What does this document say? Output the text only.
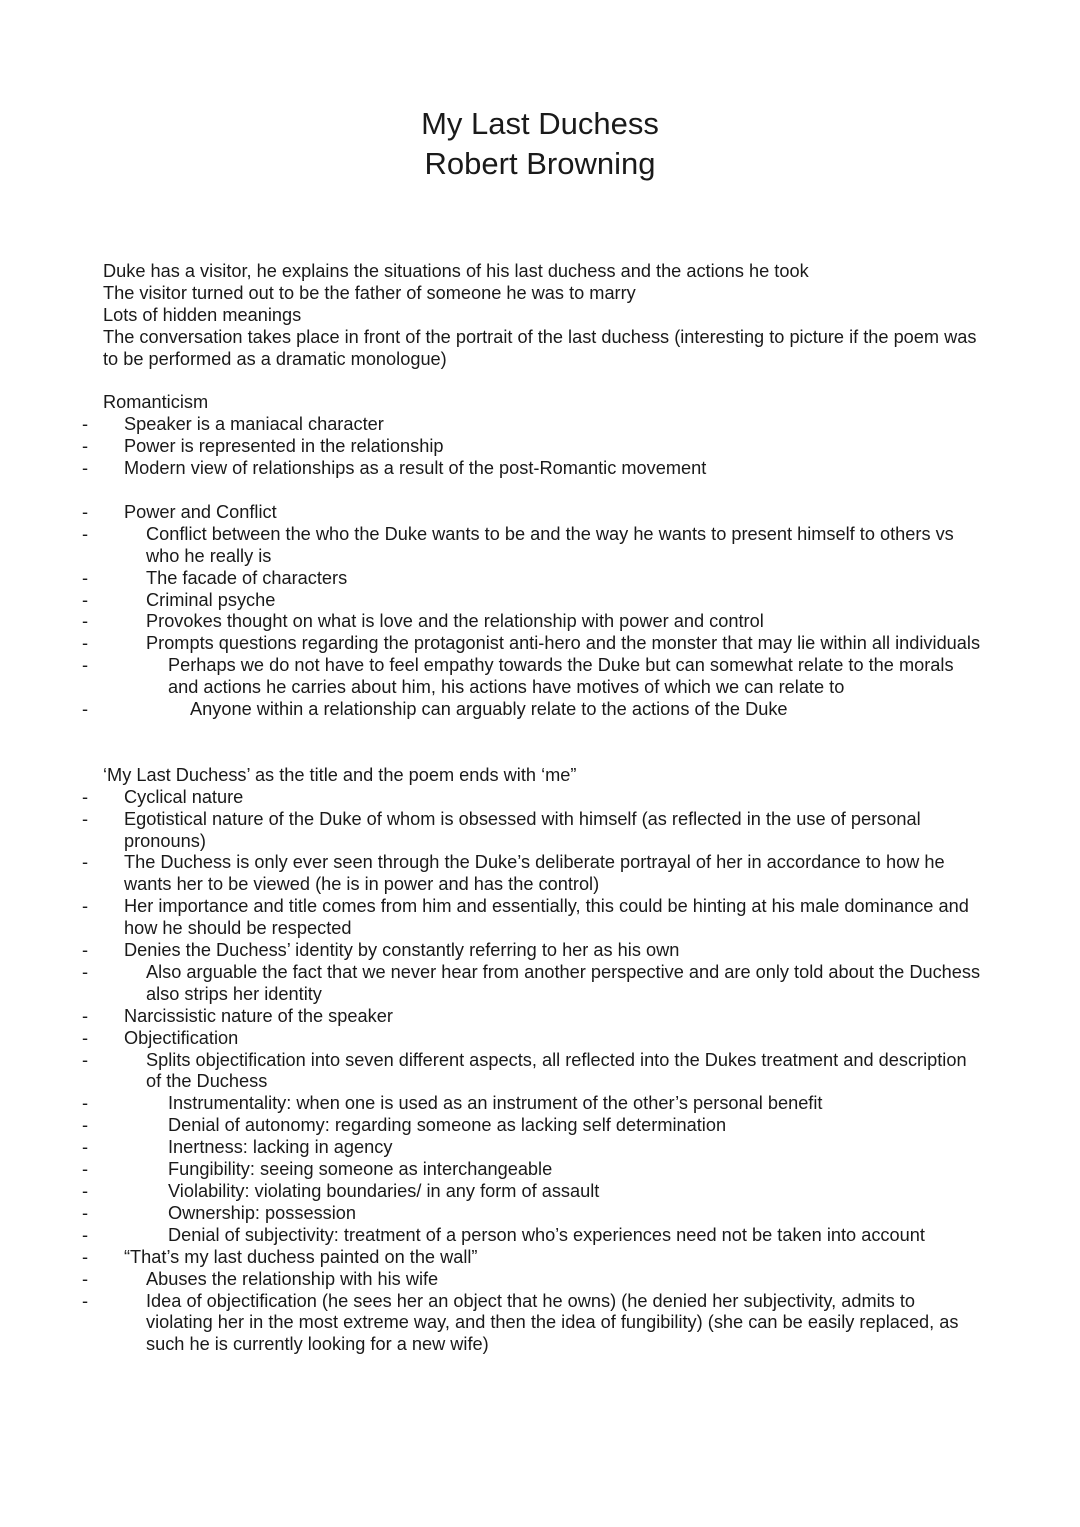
My Last Duchess
Robert Browning

Duke has a visitor, he explains the situations of his last duchess and the actions he took

The visitor turned out to be the father of someone he was to marry

Lots of hidden meanings

The conversation takes place in front of the portrait of the last duchess (interesting to picture if the poem was to be performed as a dramatic monologue)

Romanticism

- Speaker is a maniacal character

- Power is represented in the relationship

- Modern view of relationships as a result of the post-Romantic movement

- Power and Conflict

- Conflict between the who the Duke wants to be and the way he wants to present himself to others vs who he really is

- The facade of characters

- Criminal psyche

- Provokes thought on what is love and the relationship with power and control

- Prompts questions regarding the protagonist anti-hero and the monster that may lie within all individuals

- Perhaps we do not have to feel empathy towards the Duke but can somewhat relate to the morals and actions he carries about him, his actions have motives of which we can relate to

- Anyone within a relationship can arguably relate to the actions of the Duke

‘My Last Duchess’ as the title and the poem ends with ‘me”

- Cyclical nature

- Egotistical nature of the Duke of whom is obsessed with himself (as reflected in the use of personal pronouns)

- The Duchess is only ever seen through the Duke’s deliberate portrayal of her in accordance to how he wants her to be viewed (he is in power and has the control)

- Her importance and title comes from him and essentially, this could be hinting at his male dominance and how he should be respected

- Denies the Duchess’ identity by constantly referring to her as his own

- Also arguable the fact that we never hear from another perspective and are only told about the Duchess also strips her identity

- Narcissistic nature of the speaker

- Objectification

- Splits objectification into seven different aspects, all reflected into the Dukes treatment and description of the Duchess

- Instrumentality: when one is used as an instrument of the other’s personal benefit

- Denial of autonomy: regarding someone as lacking self determination

- Inertness: lacking in agency

- Fungibility: seeing someone as interchangeable

- Violability: violating boundaries/ in any form of assault

- Ownership: possession

- Denial of subjectivity: treatment of a person who’s experiences need not be taken into account

- “That’s my last duchess painted on the wall”

- Abuses the relationship with his wife

- Idea of objectification (he sees her an object that he owns) (he denied her subjectivity, admits to violating her in the most extreme way, and then the idea of fungibility) (she can be easily replaced, as such he is currently looking for a new wife)
